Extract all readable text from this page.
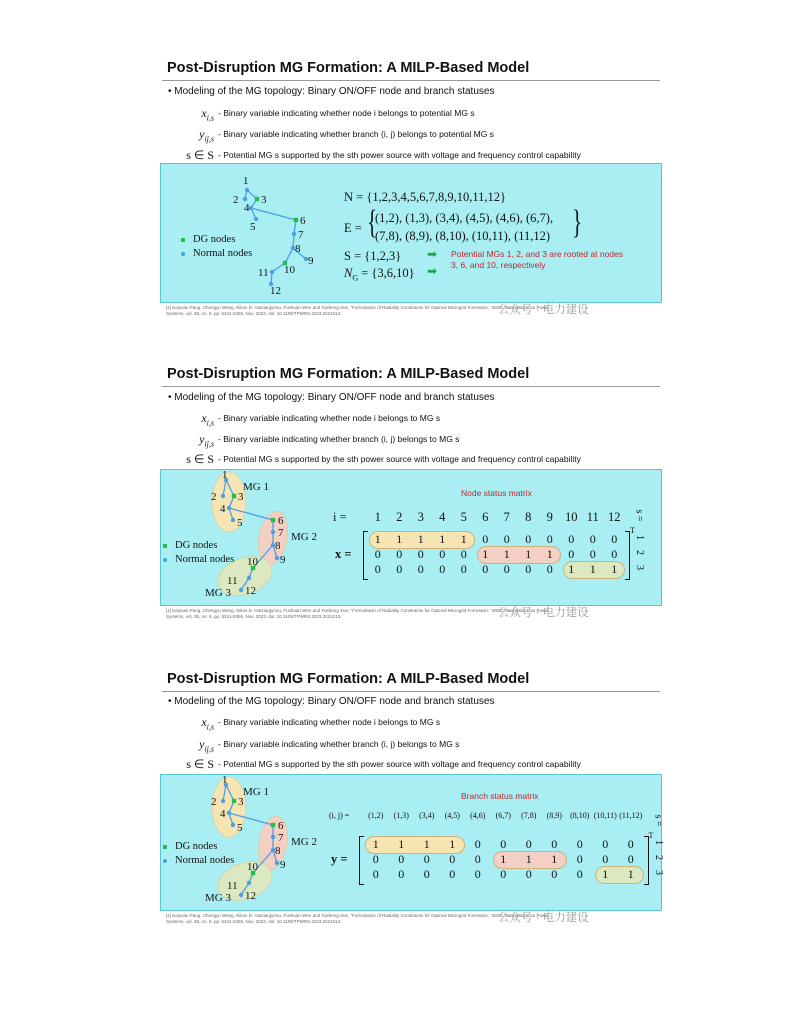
Post-Disruption MG Formation: A MILP-Based Model
• Modeling of the MG topology: Binary ON/OFF node and branch statuses
$x_{i,s}$ - Binary variable indicating whether node i belongs to potential MG s
$y_{ij,s}$ - Binary variable indicating whether branch (i, j) belongs to potential MG s
s ∈ S - Potential MG s supported by the sth power source with voltage and frequency control capability
1
2 3
4
5	6
7
8
9
10
11
12
DG nodes
Normal nodes
N = {1,2,3,4,5,6,7,8,9,10,11,12}
E = {
(1,2), (1,3), (3,4), (4,5), (4,6), (6,7),
(7,8), (8,9), (8,10), (10,11), (11,12) }
S = {1,2,3}
$N_G = \{3,6,10\}$
➡
➡
Potential MGs 1, 2, and 3 are rooted at nodes 3, 6, and 10, respectively
[1] Kaiyuan Pang, Chengyu Wang, Nikos D. Hatziargyriou, Fushuan Wen and Yusheng Xue, "Formulation of Radiality Constraints for Optimal Microgrid Formation," IEEE Transactions on Power Systems, vol. 38, no. 6, pp. 5341-5355, Nov. 2023, doi: 10.1109/TPWRS.2023.3221013.	公众号 · 电力建设
Post-Disruption MG Formation: A MILP-Based Model
• Modeling of the MG topology: Binary ON/OFF node and branch statuses
$x_{i,s}$ - Binary variable indicating whether node i belongs to MG s
$y_{ij,s}$ - Binary variable indicating whether branch (i, j) belongs to MG s
s ∈ S - Potential MG s supported by the sth power source with voltage and frequency control capability
MG 1
MG 2
MG 3
1
2 3
4
5	6
7
8
9
10
11
12
DG nodes
Normal nodes
Node status matrix
i =	1	2	3	4	5	6	7	8	9 10 11 12
1	1	1	1	1	0	0	0	0	0	0	0
0	0	0	0	0	1	1	1	1	0	0	0
0	0	0	0	0	0	0	0	0	1	1	1
T
x =
s =
1
2
3
[1] Kaiyuan Pang, Chengyu Wang, Nikos D. Hatziargyriou, Fushuan Wen and Yusheng Xue, "Formulation of Radiality Constraints for Optimal Microgrid Formation," IEEE Transactions on Power Systems, vol. 38, no. 6, pp. 5341-5355, Nov. 2023, doi: 10.1109/TPWRS.2023.3221013.	公众号 · 电力建设
Post-Disruption MG Formation: A MILP-Based Model
• Modeling of the MG topology: Binary ON/OFF node and branch statuses
$x_{i,s}$ - Binary variable indicating whether node i belongs to MG s
$y_{ij,s}$ - Binary variable indicating whether branch (i, j) belongs to MG s
s ∈ S - Potential MG s supported by the sth power source with voltage and frequency control capability
MG 1
MG 2
MG 3
1
2 3
4
5	6
7
8
9
10
11
12
DG nodes
Normal nodes
Branch status matrix
(i, j) =	(1,2)	(1,3)	(3,4)	(4,5)	(4,6)	(6,7)	(7,8)	(8,9)	(8,10) (10,11) (11,12)
1	1	1	1	0	0	0	0	0	0	0
0	0	0	0	0	1	1	1	0	0	0
0	0	0	0	0	0	0	0	0	1	1
T
y =
s =
1
2
3
[1] Kaiyuan Pang, Chengyu Wang, Nikos D. Hatziargyriou, Fushuan Wen and Yusheng Xue, "Formulation of Radiality Constraints for Optimal Microgrid Formation," IEEE Transactions on Power Systems, vol. 38, no. 6, pp. 5341-5355, Nov. 2023, doi: 10.1109/TPWRS.2023.3221013.	公众号 · 电力建设
